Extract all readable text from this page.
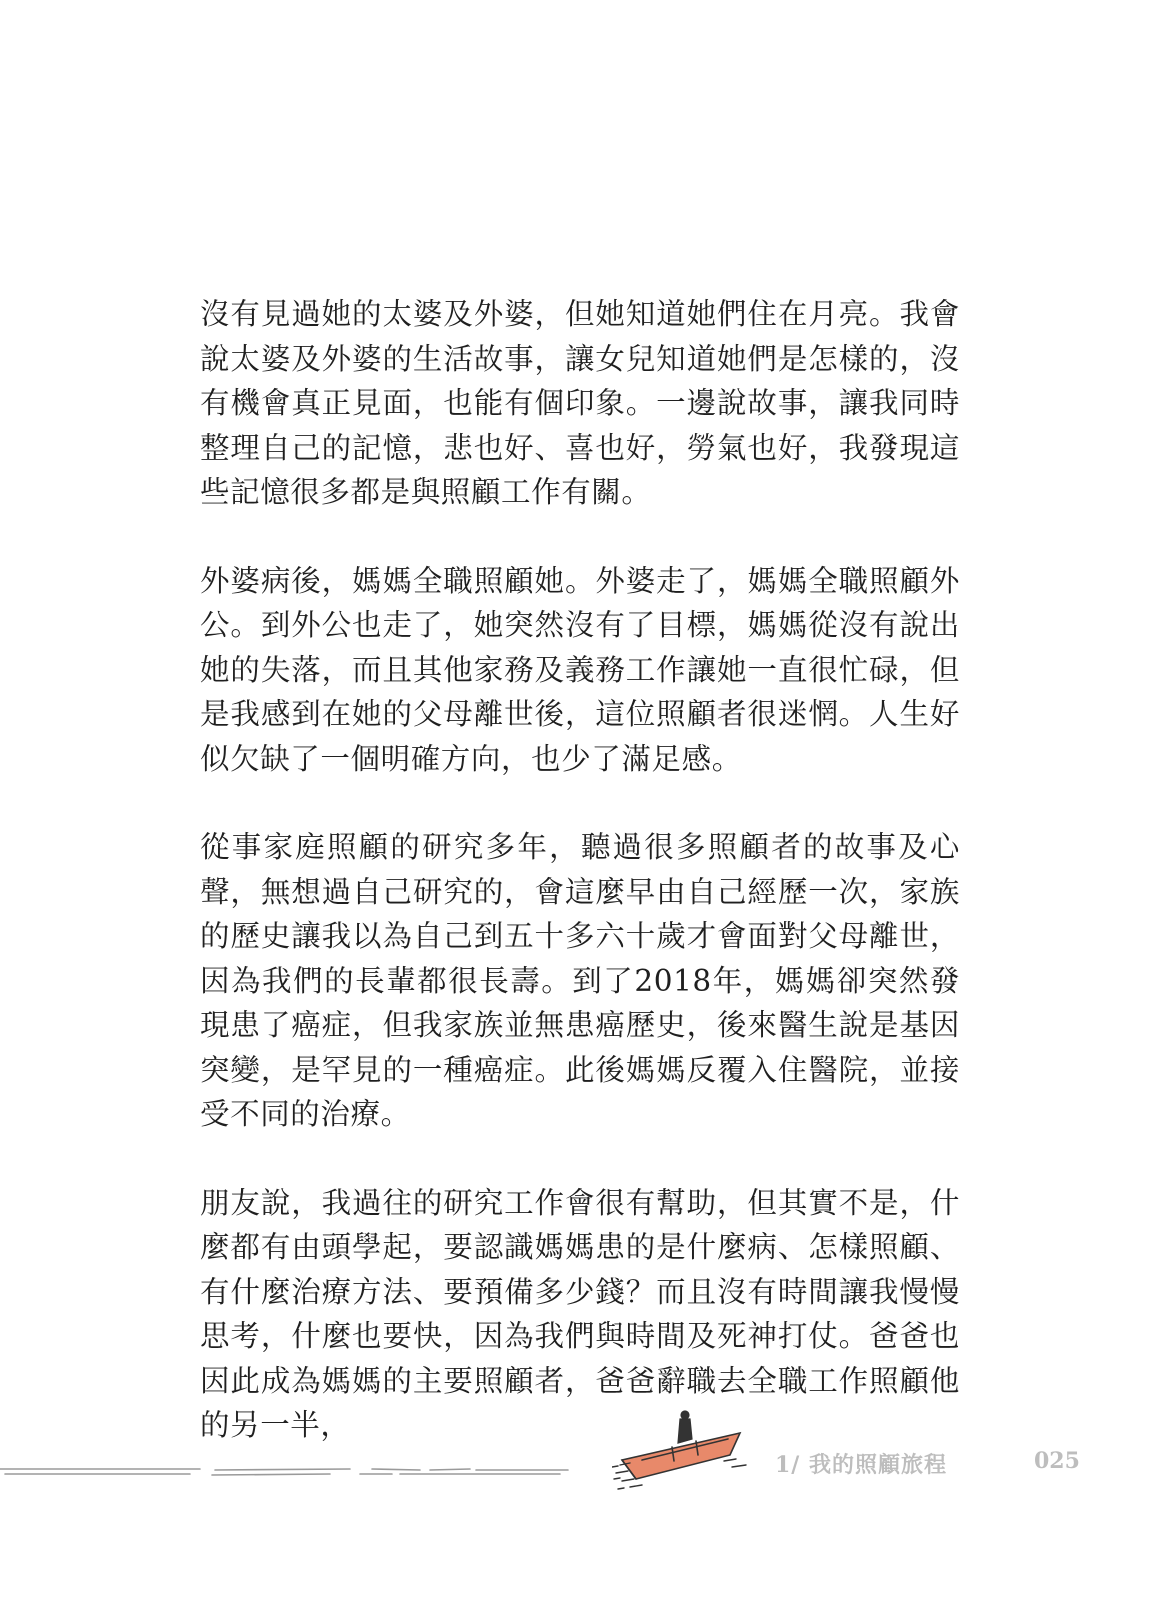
沒有見過她的太婆及外婆，但她知道她們住在月亮。我會說太婆及外婆的生活故事，讓女兒知道她們是怎樣的，沒有機會真正見面，也能有個印象。一邊說故事，讓我同時整理自己的記憶，悲也好、喜也好，勞氣也好，我發現這些記憶很多都是與照顧工作有關。

外婆病後，媽媽全職照顧她。外婆走了，媽媽全職照顧外公。到外公也走了，她突然沒有了目標，媽媽從沒有說出她的失落，而且其他家務及義務工作讓她一直很忙碌，但是我感到在她的父母離世後，這位照顧者很迷惘。人生好似欠缺了一個明確方向，也少了滿足感。

從事家庭照顧的研究多年，聽過很多照顧者的故事及心聲，無想過自己研究的，會這麼早由自己經歷一次，家族的歷史讓我以為自己到五十多六十歲才會面對父母離世，因為我們的長輩都很長壽。到了2018年，媽媽卻突然發現患了癌症，但我家族並無患癌歷史，後來醫生說是基因突變，是罕見的一種癌症。此後媽媽反覆入住醫院，並接受不同的治療。

朋友說，我過往的研究工作會很有幫助，但其實不是，什麼都有由頭學起，要認識媽媽患的是什麼病、怎樣照顧、有什麼治療方法、要預備多少錢？而且沒有時間讓我慢慢思考，什麼也要快，因為我們與時間及死神打仗。爸爸也因此成為媽媽的主要照顧者，爸爸辭職去全職工作照顧他的另一半，

1/ 我的照顧旅程	025
